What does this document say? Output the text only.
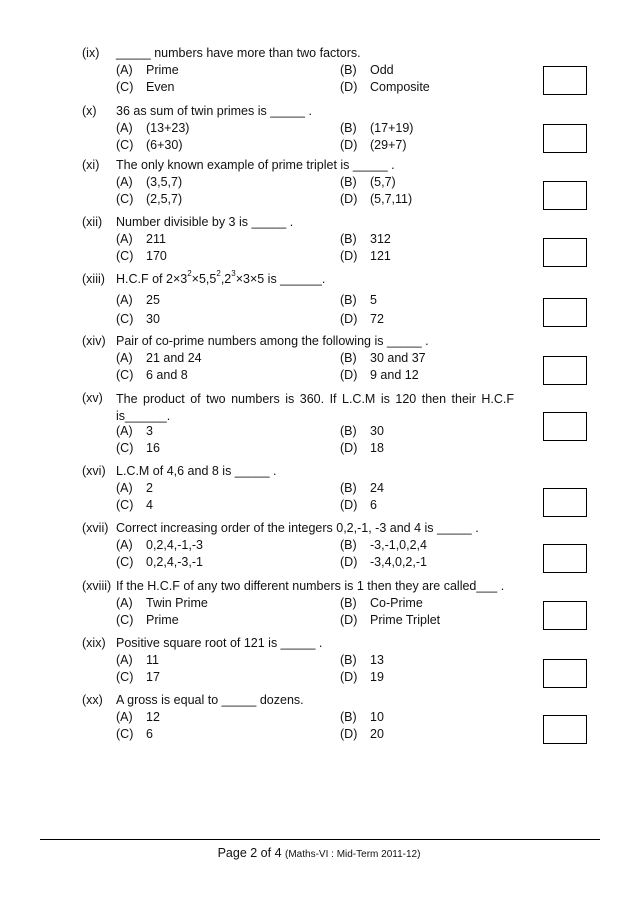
(ix) _____ numbers have more than two factors.
(A) Prime	(B) Odd
(C) Even	(D) Composite
(x) 36 as sum of twin primes is _____ .
(A) (13+23)	(B) (17+19)
(C) (6+30)	(D) (29+7)
(xi) The only known example of prime triplet is _____ .
(A) (3,5,7)	(B) (5,7)
(C) (2,5,7)	(D) (5,7,11)
(xii) Number divisible by 3 is _____ .
(A) 211	(B) 312
(C) 170	(D) 121
(xiii) H.C.F of $2\times 3^2\times 5,5^2,2^3\times 3\times 5$ is ______.
(A) 25	(B) 5
(C) 30	(D) 72
(xiv) Pair of co-prime numbers among the following is _____ .
(A) 21 and 24	(B) 30 and 37
(C) 6 and 8	(D) 9 and 12
(xv) The product of two numbers is 360. If L.C.M is 120 then their H.C.F is______.
(A) 3	(B) 30
(C) 16	(D) 18
(xvi) L.C.M of 4,6 and 8 is _____ .
(A) 2	(B) 24
(C) 4	(D) 6
(xvii) Correct increasing order of the integers 0,2,-1, -3 and 4 is _____ .
(A) 0,2,4,-1,-3	(B) -3,-1,0,2,4
(C) 0,2,4,-3,-1	(D) -3,4,0,2,-1
(xviii) If the H.C.F of any two different numbers is 1 then they are called___ .
(A) Twin Prime	(B) Co-Prime
(C) Prime	(D) Prime Triplet
(xix) Positive square root of 121 is _____ .
(A) 11	(B) 13
(C) 17	(D) 19
(xx) A gross is equal to _____ dozens.
(A) 12	(B) 10
(C) 6	(D) 20
Page 2 of 4 (Maths-VI : Mid-Term 2011-12)
